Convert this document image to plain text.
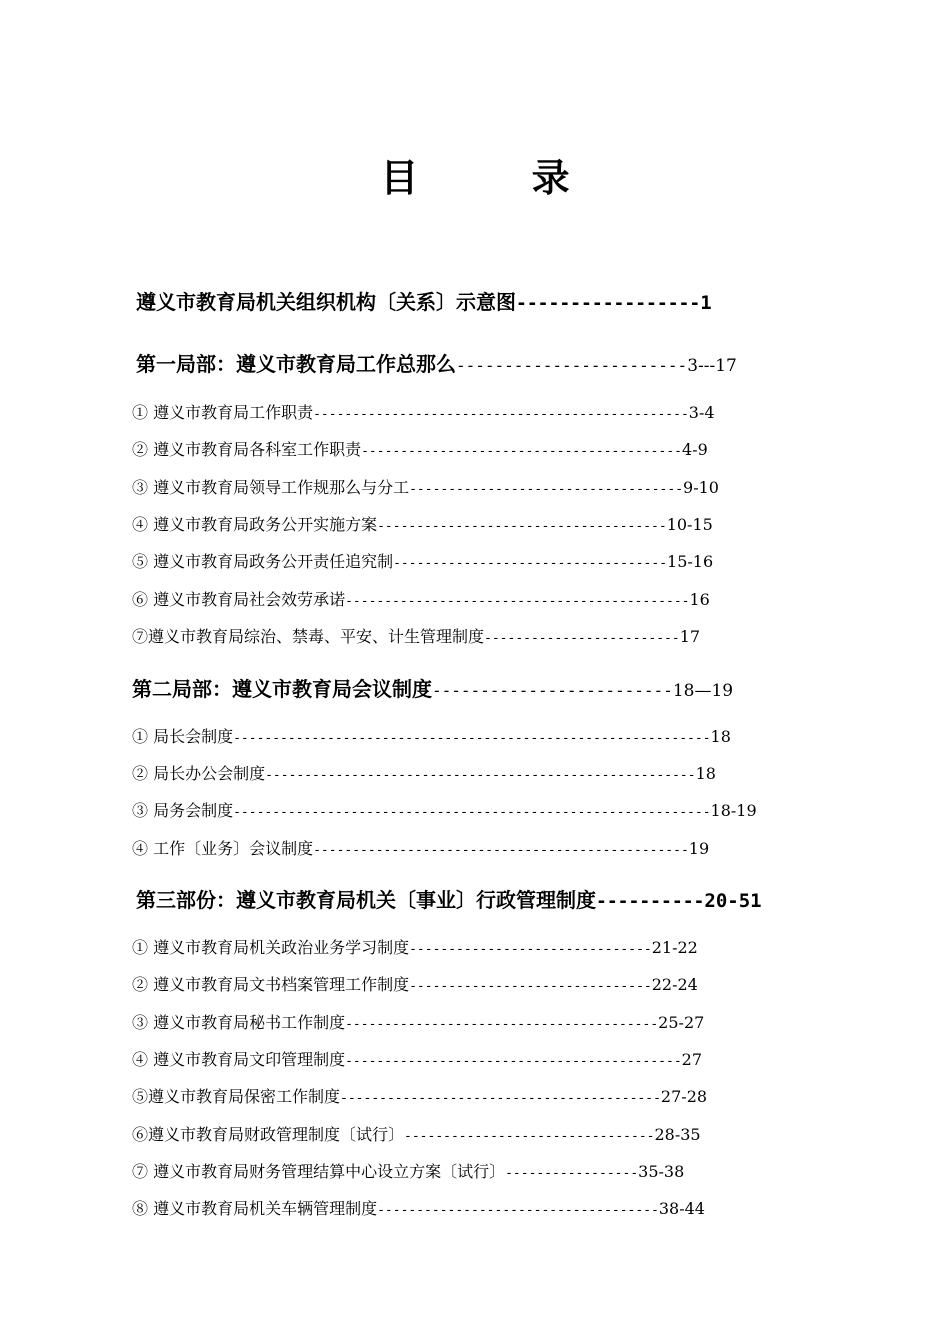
目 录
遵义市教育局机关组织机构〔关系〕示意图-----------------1
第一局部：遵义市教育局工作总那么------------------------3---17
① 遵义市教育局工作职责------------------------------------------------3-4
② 遵义市教育局各科室工作职责-----------------------------------------4-9
③ 遵义市教育局领导工作规那么与分工-----------------------------------9-10
④ 遵义市教育局政务公开实施方案-------------------------------------10-15
⑤ 遵义市教育局政务公开责任追究制-----------------------------------15-16
⑥ 遵义市教育局社会效劳承诺--------------------------------------------16
⑦遵义市教育局综治、禁毒、平安、计生管理制度-------------------------17
第二局部：遵义市教育局会议制度-------------------------18—19
① 局长会制度-------------------------------------------------------------18
② 局长办公会制度-------------------------------------------------------18
③ 局务会制度-------------------------------------------------------------18-19
④ 工作〔业务〕会议制度------------------------------------------------19
第三部份：遵义市教育局机关〔事业〕行政管理制度----------20-51
① 遵义市教育局机关政治业务学习制度-------------------------------21-22
② 遵义市教育局文书档案管理工作制度-------------------------------22-24
③ 遵义市教育局秘书工作制度----------------------------------------25-27
④ 遵义市教育局文印管理制度-------------------------------------------27
⑤遵义市教育局保密工作制度-----------------------------------------27-28
⑥遵义市教育局财政管理制度〔试行〕--------------------------------28-35
⑦ 遵义市教育局财务管理结算中心设立方案〔试行〕-----------------35-38
⑧ 遵义市教育局机关车辆管理制度------------------------------------38-44
